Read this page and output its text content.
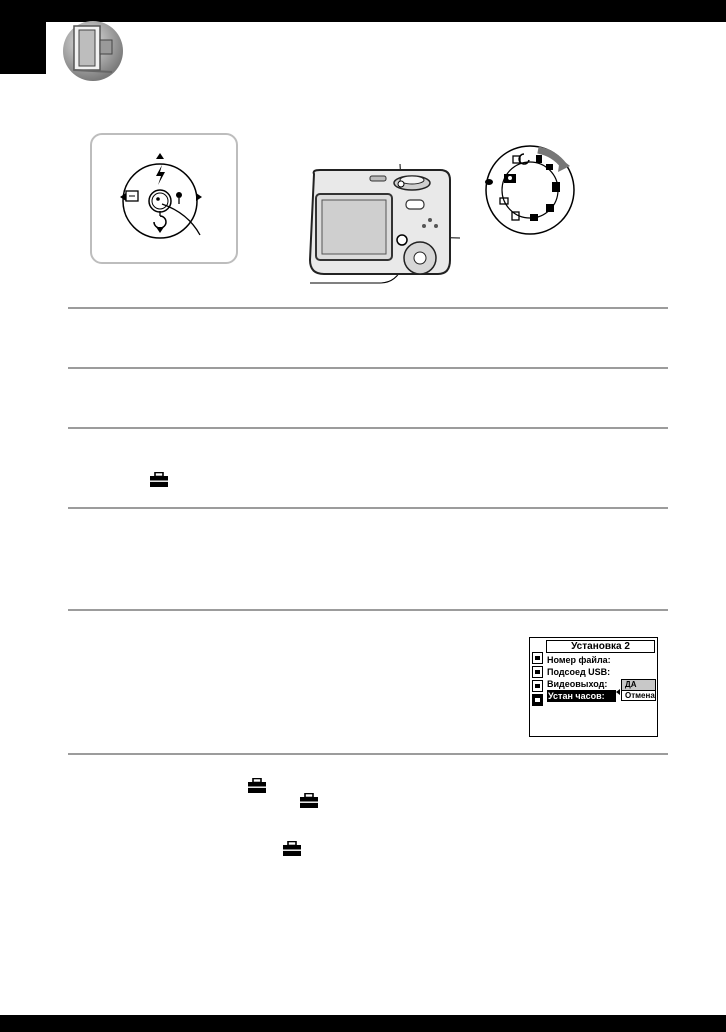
Установка 2
Номер файла:
Подсоед USB:
Видеовыход:
Устан часов:
ДА
Отмена
